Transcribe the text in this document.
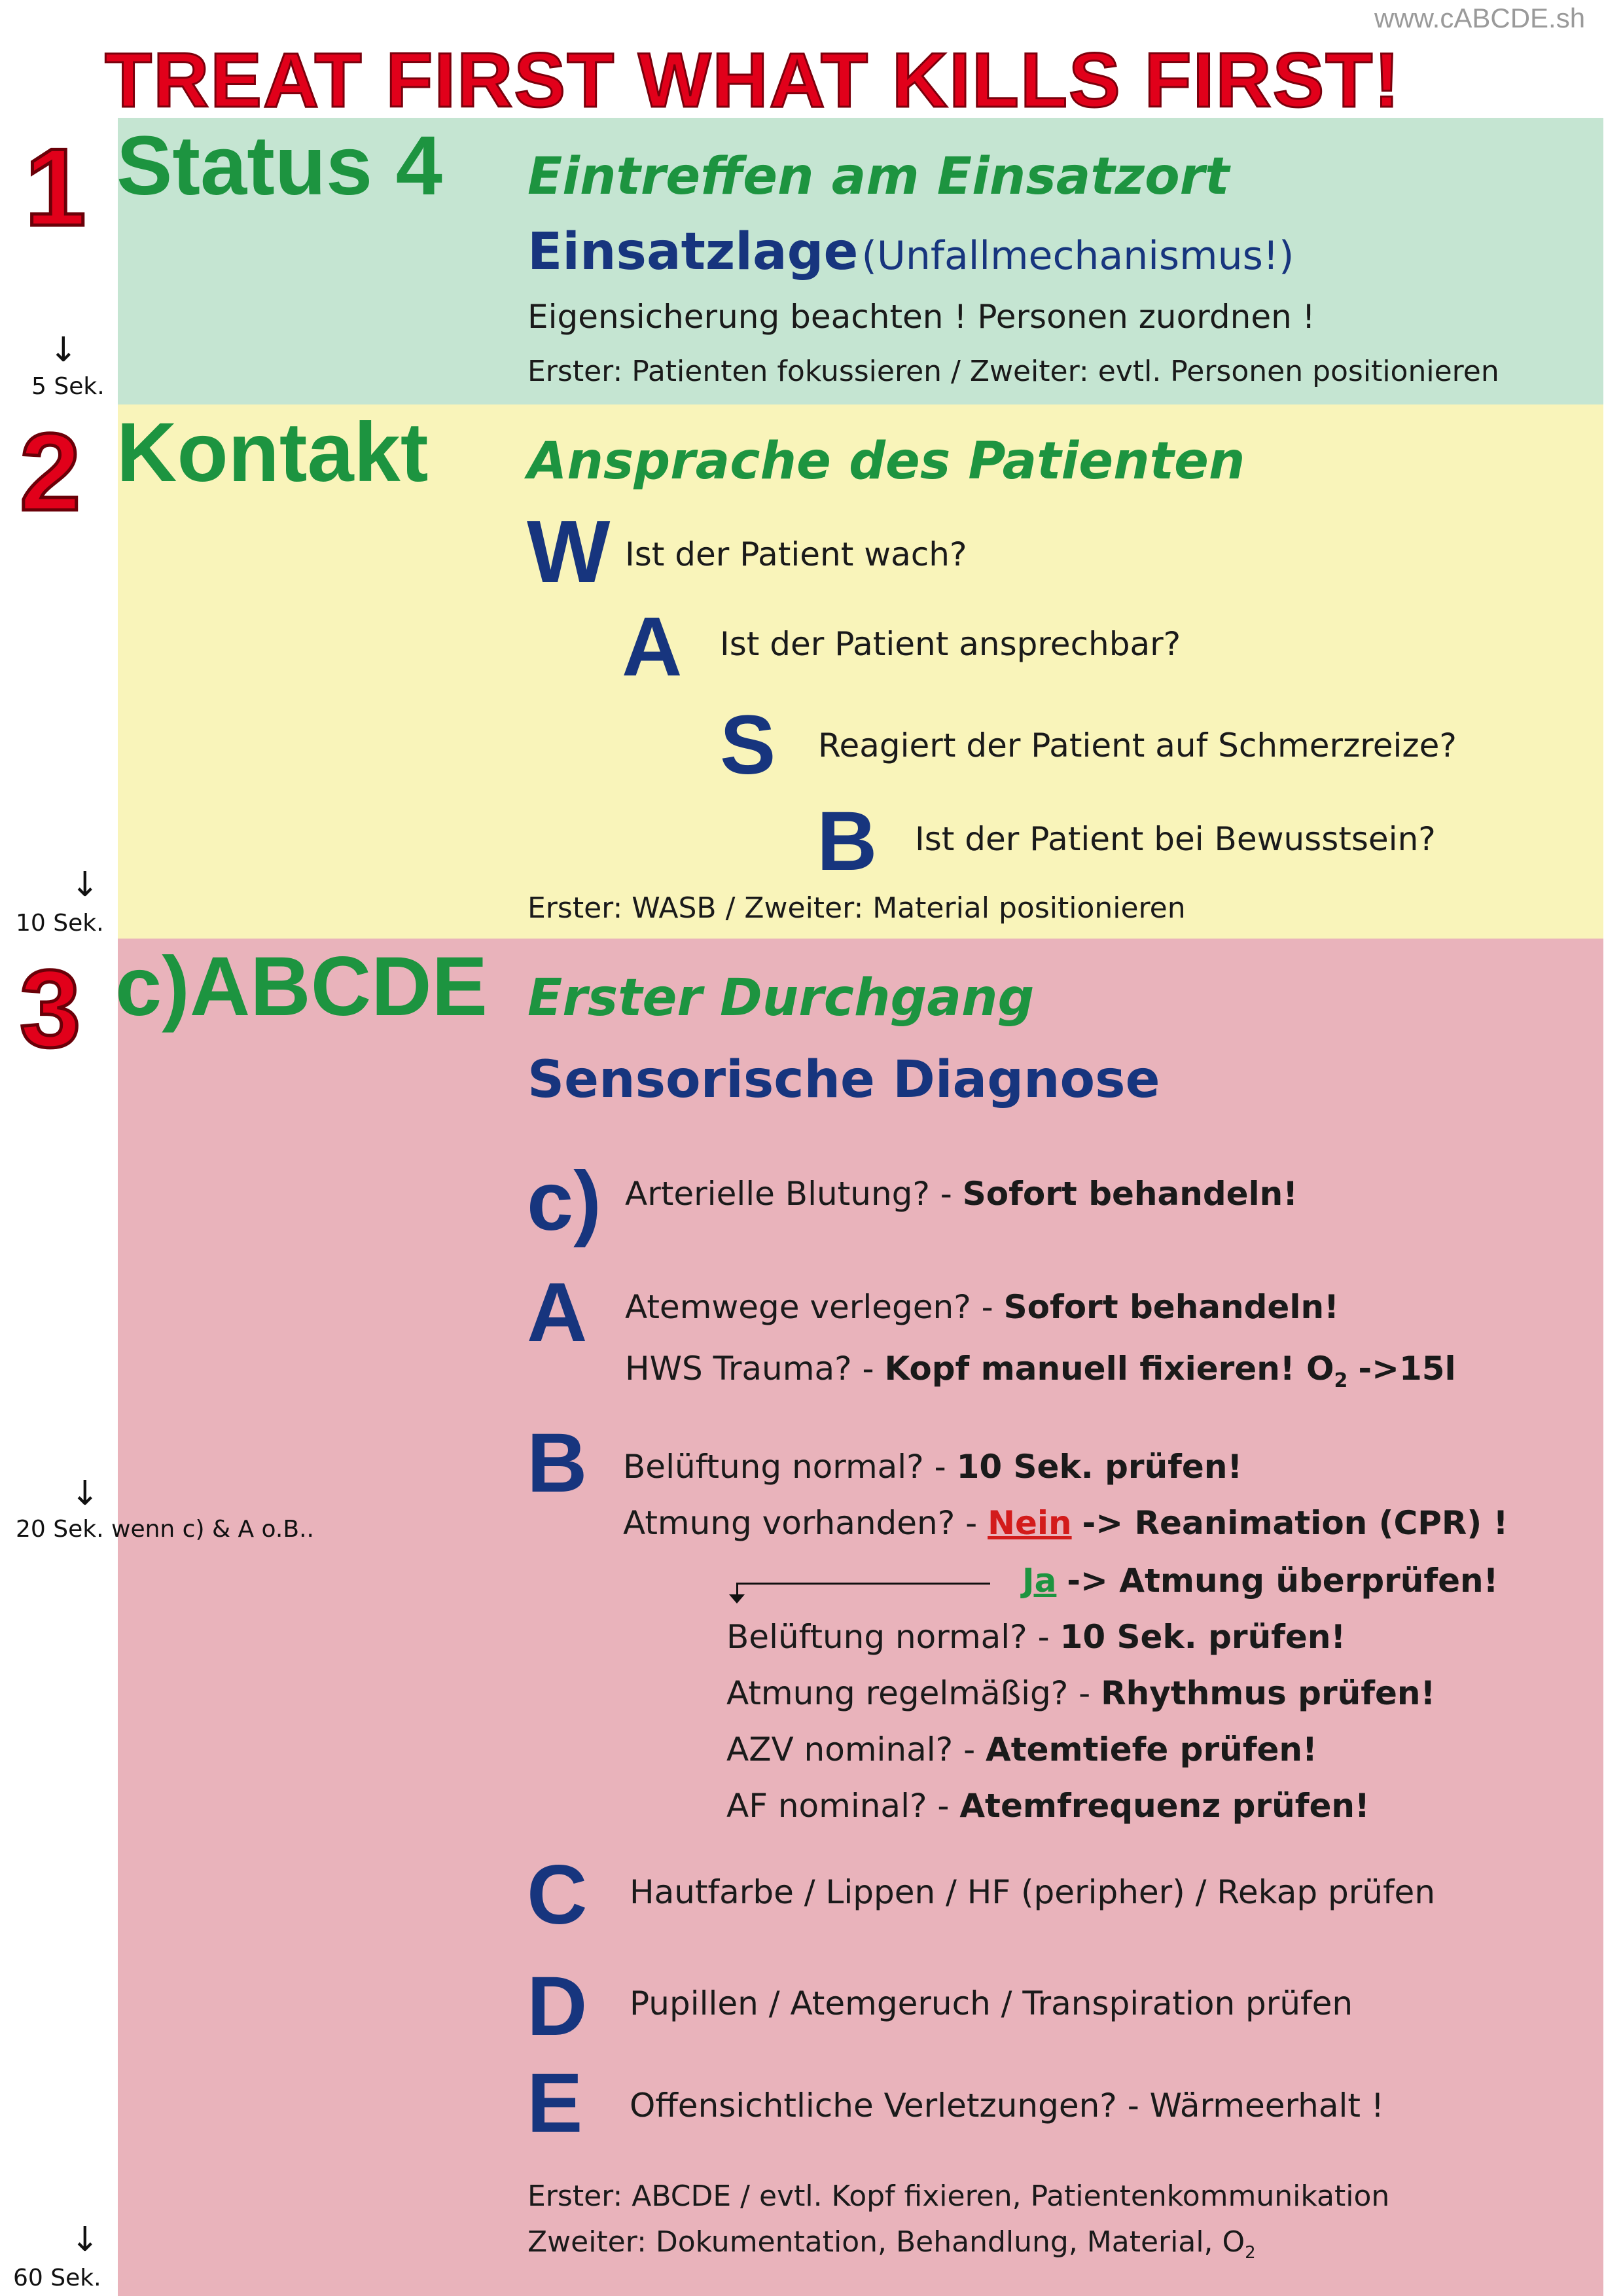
www.cABCDE.sh
TREAT FIRST WHAT KILLS FIRST!
↓
5 Sek.
↓
10 Sek.
↓
20 Sek. wenn c) & A o.B..
↓
60 Sek.
1 Status 4 Eintreffen am Einsatzort
Einsatzlage (Unfallmechanismus!)
Eigensicherung beachten ! Personen zuordnen !
Erster: Patienten fokussieren / Zweiter: evtl. Personen positionieren
2 Kontakt Ansprache des Patienten
W Ist der Patient wach?
A Ist der Patient ansprechbar?
S Reagiert der Patient auf Schmerzreize?
B Ist der Patient bei Bewusstsein?
Erster: WASB / Zweiter: Material positionieren
3 c)ABCDE Erster Durchgang
Sensorische Diagnose
c) Arterielle Blutung? - Sofort behandeln!
A Atemwege verlegen? - Sofort behandeln!
HWS Trauma? - Kopf manuell fixieren! $O_2$ ->15l
B Belüftung normal? - 10 Sek. prüfen!
Atmung vorhanden? - Nein -> Reanimation (CPR) !
Ja -> Atmung überprüfen!
Belüftung normal? - 10 Sek. prüfen!
Atmung regelmäßig? - Rhythmus prüfen!
AZV nominal? - Atemtiefe prüfen!
AF nominal? - Atemfrequenz prüfen!
C Hautfarbe / Lippen / HF (peripher) / Rekap prüfen
D Pupillen / Atemgeruch / Transpiration prüfen
E Offensichtliche Verletzungen? - Wärmeerhalt !
Erster: ABCDE / evtl. Kopf fixieren, Patientenkommunikation
Zweiter: Dokumentation, Behandlung, Material, $O_2$
